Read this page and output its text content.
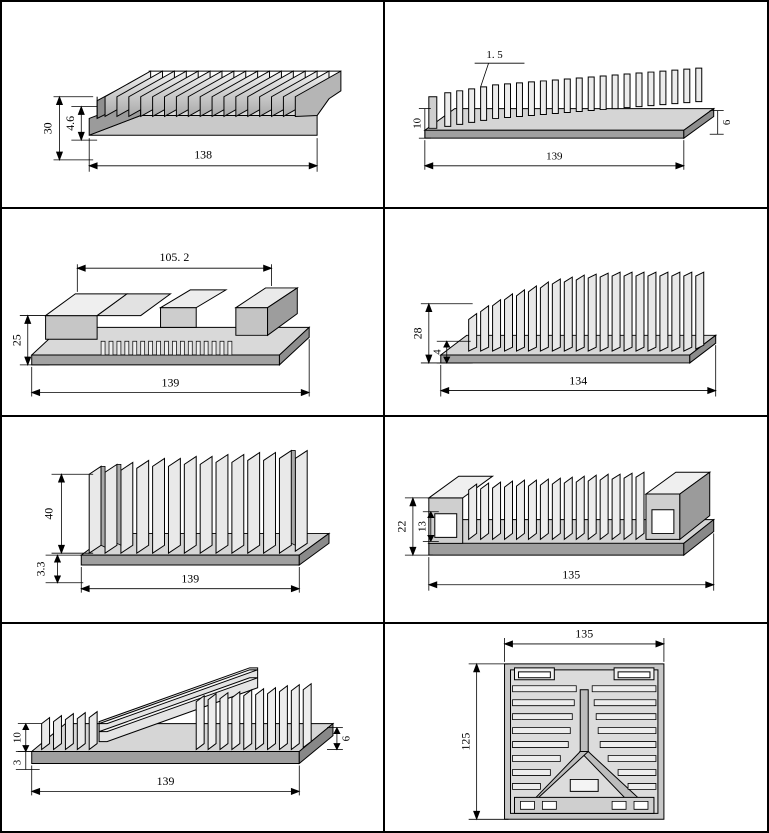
138
30 4.6
1. 5
10	6
139
105. 2
25
139
28
4
134
40
3.3
139
22 13
135
10
3
6
139
135
125
